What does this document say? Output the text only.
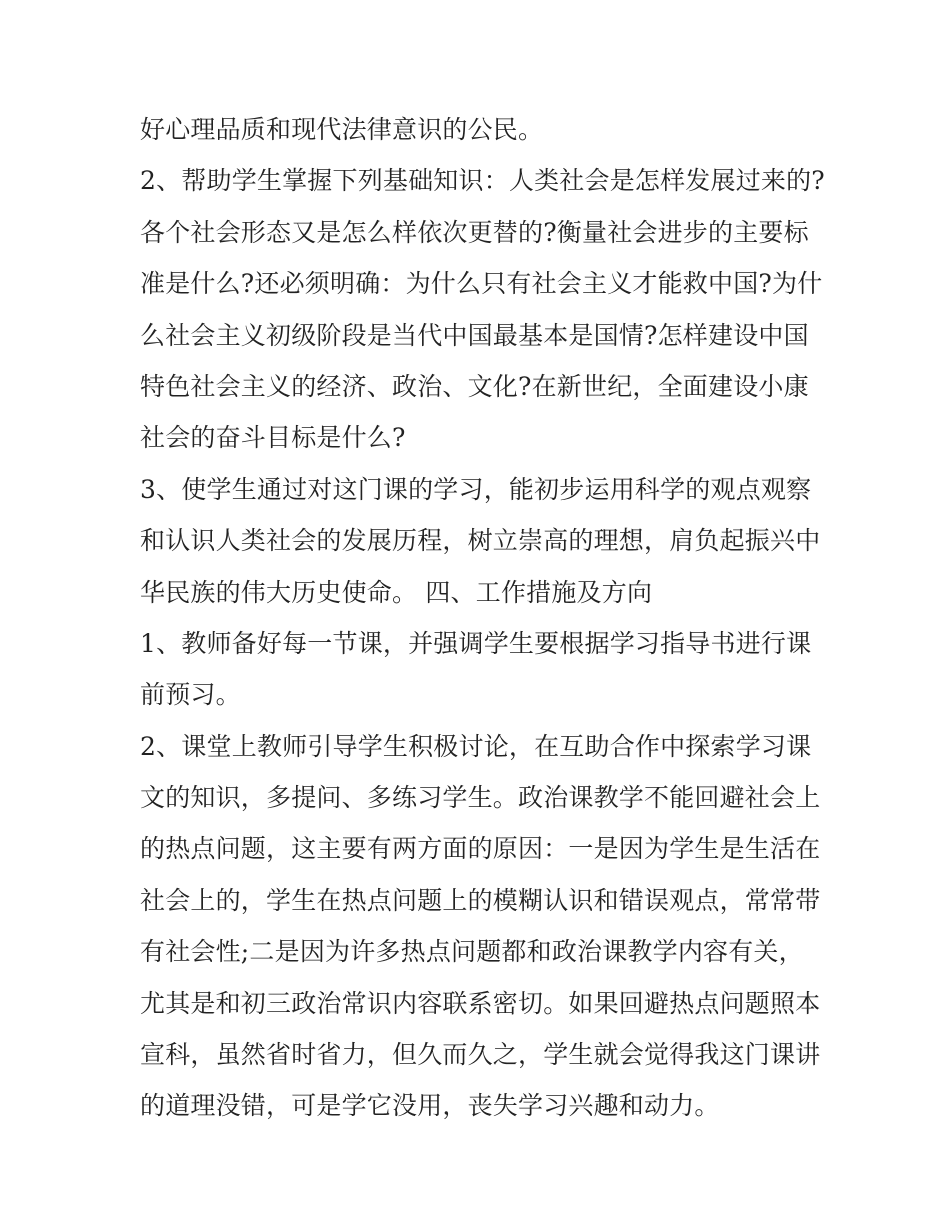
好心理品质和现代法律意识的公民。
2、帮助学生掌握下列基础知识：人类社会是怎样发展过来的?
各个社会形态又是怎么样依次更替的?衡量社会进步的主要标
准是什么?还必须明确：为什么只有社会主义才能救中国?为什
么社会主义初级阶段是当代中国最基本是国情?怎样建设中国
特色社会主义的经济、政治、文化?在新世纪，全面建设小康
社会的奋斗目标是什么?
3、使学生通过对这门课的学习，能初步运用科学的观点观察
和认识人类社会的发展历程，树立崇高的理想，肩负起振兴中
华民族的伟大历史使命。 四、工作措施及方向
1、教师备好每一节课，并强调学生要根据学习指导书进行课
前预习。
2、课堂上教师引导学生积极讨论，在互助合作中探索学习课
文的知识，多提问、多练习学生。政治课教学不能回避社会上
的热点问题，这主要有两方面的原因：一是因为学生是生活在
社会上的，学生在热点问题上的模糊认识和错误观点，常常带
有社会性;二是因为许多热点问题都和政治课教学内容有关，
尤其是和初三政治常识内容联系密切。如果回避热点问题照本
宣科，虽然省时省力，但久而久之，学生就会觉得我这门课讲
的道理没错，可是学它没用，丧失学习兴趣和动力。
